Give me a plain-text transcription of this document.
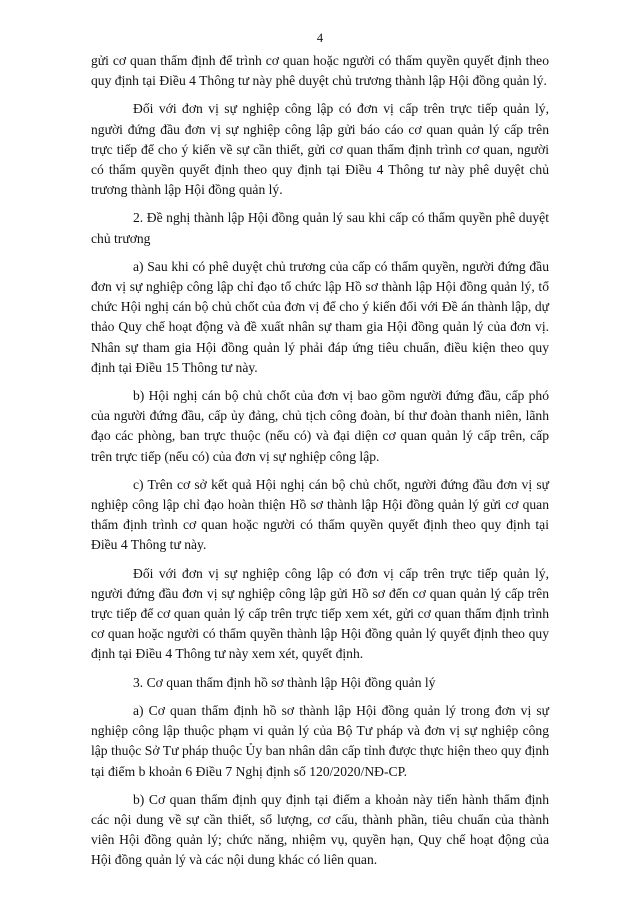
4

gửi cơ quan thẩm định để trình cơ quan hoặc người có thẩm quyền quyết định theo quy định tại Điều 4 Thông tư này phê duyệt chủ trương thành lập Hội đồng quản lý.

Đối với đơn vị sự nghiệp công lập có đơn vị cấp trên trực tiếp quản lý, người đứng đầu đơn vị sự nghiệp công lập gửi báo cáo cơ quan quản lý cấp trên trực tiếp để cho ý kiến về sự cần thiết, gửi cơ quan thẩm định trình cơ quan, người có thẩm quyền quyết định theo quy định tại Điều 4 Thông tư này phê duyệt chủ trương thành lập Hội đồng quản lý.

2. Đề nghị thành lập Hội đồng quản lý sau khi cấp có thẩm quyền phê duyệt chủ trương

a) Sau khi có phê duyệt chủ trương của cấp có thẩm quyền, người đứng đầu đơn vị sự nghiệp công lập chỉ đạo tổ chức lập Hồ sơ thành lập Hội đồng quản lý, tổ chức Hội nghị cán bộ chủ chốt của đơn vị để cho ý kiến đối với Đề án thành lập, dự thảo Quy chế hoạt động và đề xuất nhân sự tham gia Hội đồng quản lý của đơn vị. Nhân sự tham gia Hội đồng quản lý phải đáp ứng tiêu chuẩn, điều kiện theo quy định tại Điều 15 Thông tư này.

b) Hội nghị cán bộ chủ chốt của đơn vị bao gồm người đứng đầu, cấp phó của người đứng đầu, cấp ủy đảng, chủ tịch công đoàn, bí thư đoàn thanh niên, lãnh đạo các phòng, ban trực thuộc (nếu có) và đại diện cơ quan quản lý cấp trên, cấp trên trực tiếp (nếu có) của đơn vị sự nghiệp công lập.

c) Trên cơ sở kết quả Hội nghị cán bộ chủ chốt, người đứng đầu đơn vị sự nghiệp công lập chỉ đạo hoàn thiện Hồ sơ thành lập Hội đồng quản lý gửi cơ quan thẩm định trình cơ quan hoặc người có thẩm quyền quyết định theo quy định tại Điều 4 Thông tư này.

Đối với đơn vị sự nghiệp công lập có đơn vị cấp trên trực tiếp quản lý, người đứng đầu đơn vị sự nghiệp công lập gửi Hồ sơ đến cơ quan quản lý cấp trên trực tiếp để cơ quan quản lý cấp trên trực tiếp xem xét, gửi cơ quan thẩm định trình cơ quan hoặc người có thẩm quyền thành lập Hội đồng quản lý quyết định theo quy định tại Điều 4 Thông tư này xem xét, quyết định.

3. Cơ quan thẩm định hồ sơ thành lập Hội đồng quản lý

a) Cơ quan thẩm định hồ sơ thành lập Hội đồng quản lý trong đơn vị sự nghiệp công lập thuộc phạm vi quản lý của Bộ Tư pháp và đơn vị sự nghiệp công lập thuộc Sở Tư pháp thuộc Ủy ban nhân dân cấp tỉnh được thực hiện theo quy định tại điểm b khoản 6 Điều 7 Nghị định số 120/2020/NĐ-CP.

b) Cơ quan thẩm định quy định tại điểm a khoản này tiến hành thẩm định các nội dung về sự cần thiết, số lượng, cơ cấu, thành phần, tiêu chuẩn của thành viên Hội đồng quản lý; chức năng, nhiệm vụ, quyền hạn, Quy chế hoạt động của Hội đồng quản lý và các nội dung khác có liên quan.
